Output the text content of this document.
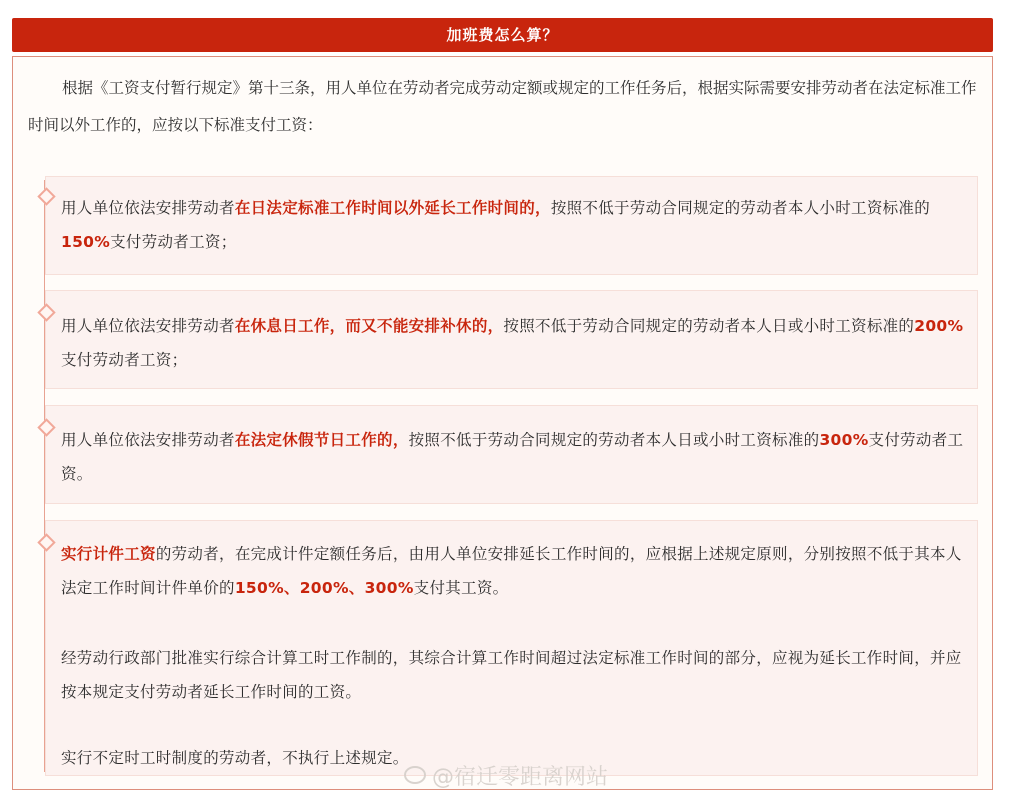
加班费怎么算？
根据《工资支付暂行规定》第十三条，用人单位在劳动者完成劳动定额或规定的工作任务后，根据实际需要安排劳动者在法定标准工作时间以外工作的，应按以下标准支付工资：

用人单位依法安排劳动者在日法定标准工作时间以外延长工作时间的，按照不低于劳动合同规定的劳动者本人小时工资标准的150%支付劳动者工资；

用人单位依法安排劳动者在休息日工作，而又不能安排补休的，按照不低于劳动合同规定的劳动者本人日或小时工资标准的200%支付劳动者工资；

用人单位依法安排劳动者在法定休假节日工作的，按照不低于劳动合同规定的劳动者本人日或小时工资标准的300%支付劳动者工资。

实行计件工资的劳动者，在完成计件定额任务后，由用人单位安排延长工作时间的，应根据上述规定原则，分别按照不低于其本人法定工作时间计件单价的150%、200%、300%支付其工资。

经劳动行政部门批准实行综合计算工时工作制的，其综合计算工作时间超过法定标准工作时间的部分，应视为延长工作时间，并应按本规定支付劳动者延长工作时间的工资。

实行不定时工时制度的劳动者，不执行上述规定。

@宿迁零距离网站
